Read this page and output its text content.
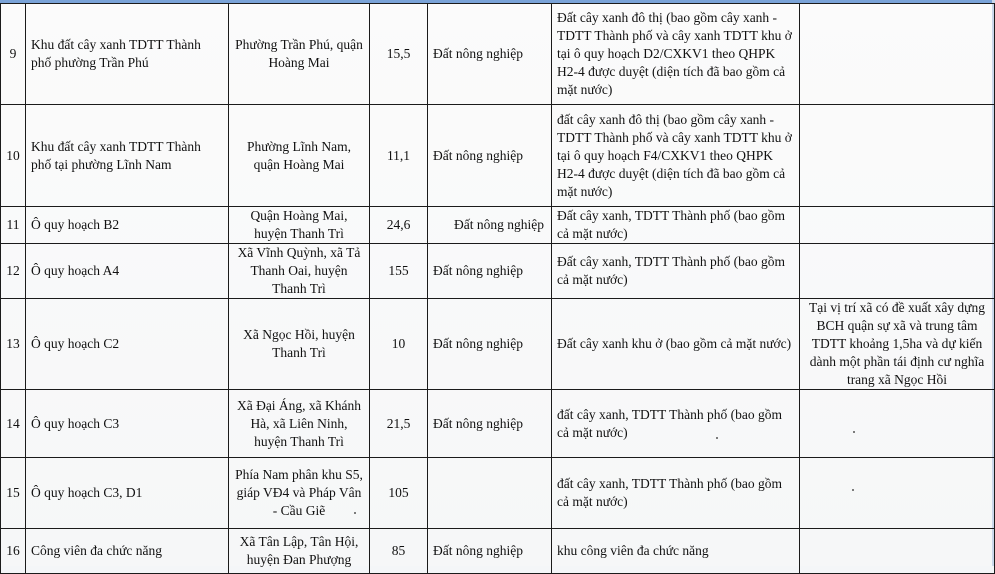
9	Khu đất cây xanh TDTT Thành phố phường Trần Phú	Phường Trần Phú, quận Hoàng Mai	15,5	Đất nông nghiệp	Đất cây xanh đô thị (bao gồm cây xanh - TDTT Thành phố và cây xanh TDTT khu ở tại ô quy hoạch D2/CXKV1 theo QHPK H2-4 được duyệt (diện tích đã bao gồm cả mặt nước)	
10	Khu đất cây xanh TDTT Thành phố tại phường Lĩnh Nam	Phường Lĩnh Nam, quận Hoàng Mai	11,1	Đất nông nghiệp	đất cây xanh đô thị (bao gồm cây xanh - TDTT Thành phố và cây xanh TDTT khu ở tại ô quy hoạch F4/CXKV1 theo QHPK H2-4 được duyệt (diện tích đã bao gồm cả mặt nước)	
11	Ô quy hoạch B2	Quận Hoàng Mai, huyện Thanh Trì	24,6	Đất nông nghiệp	Đất cây xanh, TDTT Thành phố (bao gồm cả mặt nước)	
12	Ô quy hoạch A4	Xã Vĩnh Quỳnh, xã Tả Thanh Oai, huyện Thanh Trì	155	Đất nông nghiệp	Đất cây xanh, TDTT Thành phố (bao gồm cả mặt nước)	
13	Ô quy hoạch C2	Xã Ngọc Hồi, huyện Thanh Trì	10	Đất nông nghiệp	Đất cây xanh khu ở (bao gồm cả mặt nước)	Tại vị trí xã có đề xuất xây dựng BCH quận sự xã và trung tâm TDTT khoảng 1,5ha và dự kiến dành một phần tái định cư nghĩa trang xã Ngọc Hồi
14	Ô quy hoạch C3	Xã Đại Áng, xã Khánh Hà, xã Liên Ninh, huyện Thanh Trì	21,5	Đất nông nghiệp	đất cây xanh, TDTT Thành phố (bao gồm cả mặt nước)	
15	Ô quy hoạch C3, D1	Phía Nam phân khu S5, giáp VĐ4 và Pháp Vân - Cầu Giẽ	105		đất cây xanh, TDTT Thành phố (bao gồm cả mặt nước)	
16	Công viên đa chức năng	Xã Tân Lập, Tân Hội, huyện Đan Phượng	85	Đất nông nghiệp	khu công viên đa chức năng	
